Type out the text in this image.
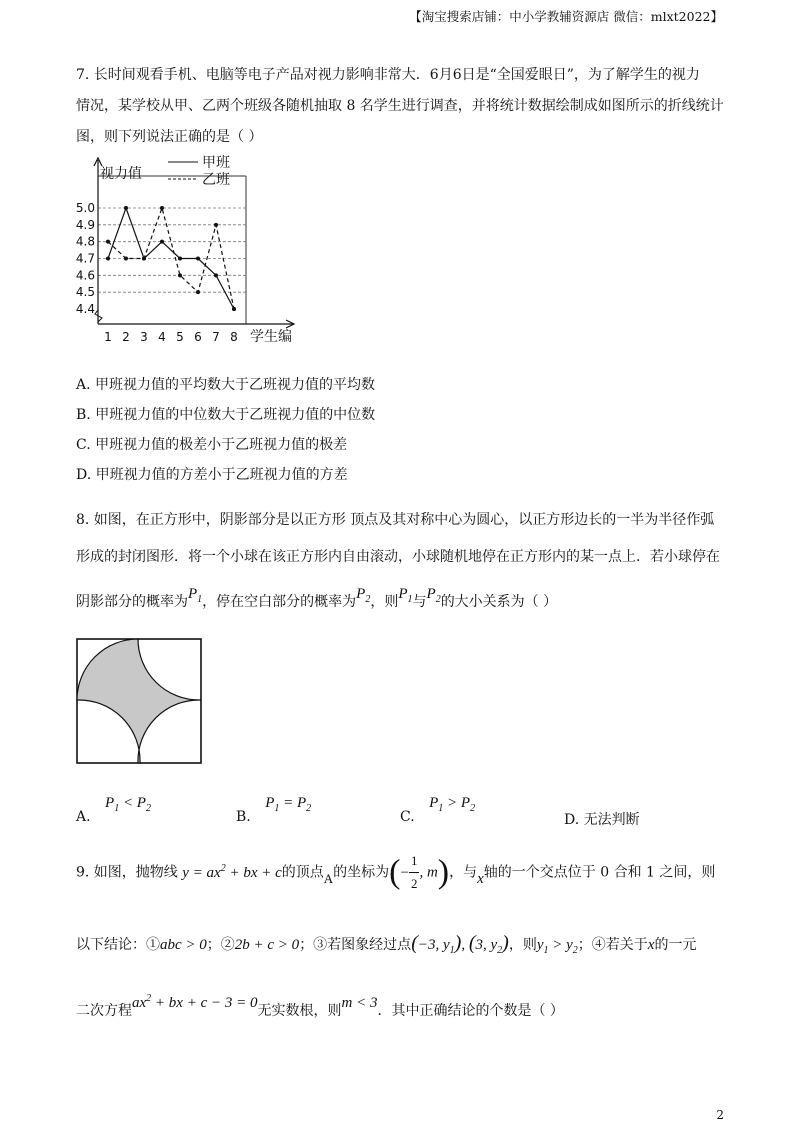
【淘宝搜索店铺：中小学教辅资源店 微信：mlxt2022】
7. 长时间观看手机、电脑等电子产品对视力影响非常大．6月6日是“全国爱眼日”，为了解学生的视力
情况，某学校从甲、乙两个班级各随机抽取 8 名学生进行调查，并将统计数据绘制成如图所示的折线统计
图，则下列说法正确的是（ ）
5.0
4.9
4.8
4.7
4.6
4.5
4.4
1 2 3 4 5 6 7 8
视力值
学生编
甲班
乙班
A. 甲班视力值的平均数大于乙班视力值的平均数
B. 甲班视力值的中位数大于乙班视力值的中位数
C. 甲班视力值的极差小于乙班视力值的极差
D. 甲班视力值的方差小于乙班视力值的方差
8. 如图，在正方形中，阴影部分是以正方形 顶点及其对称中心为圆心，以正方形边长的一半为半径作弧
形成的封闭图形．将一个小球在该正方形内自由滚动，小球随机地停在正方形内的某一点上．若小球停在
阴影部分的概率为$P_1$，停在空白部分的概率为$P_2$，则$P_1$与$P_2$的大小关系为（ ）
A. $P_1 < P_2$
B. $P_1 = P_2$
C. $P_1 > P_2$
D. 无法判断
9. 如图，抛物线 $y = ax^2$ + bx + c的顶点A的坐标为(− $\frac{1}{2}$ , m)，与x轴的一个交点位于 0 合和 1 之间，则
以下结论：①abc > 0；②2b + c > 0；③若图象经过点(−3, $y_1$), (3, $y_2$)，则$y_1 > y_2$；④若关于x的一元
二次方程$ax^2$ + bx + c − 3 = 0无实数根，则m < 3．其中正确结论的个数是（ ）
2
